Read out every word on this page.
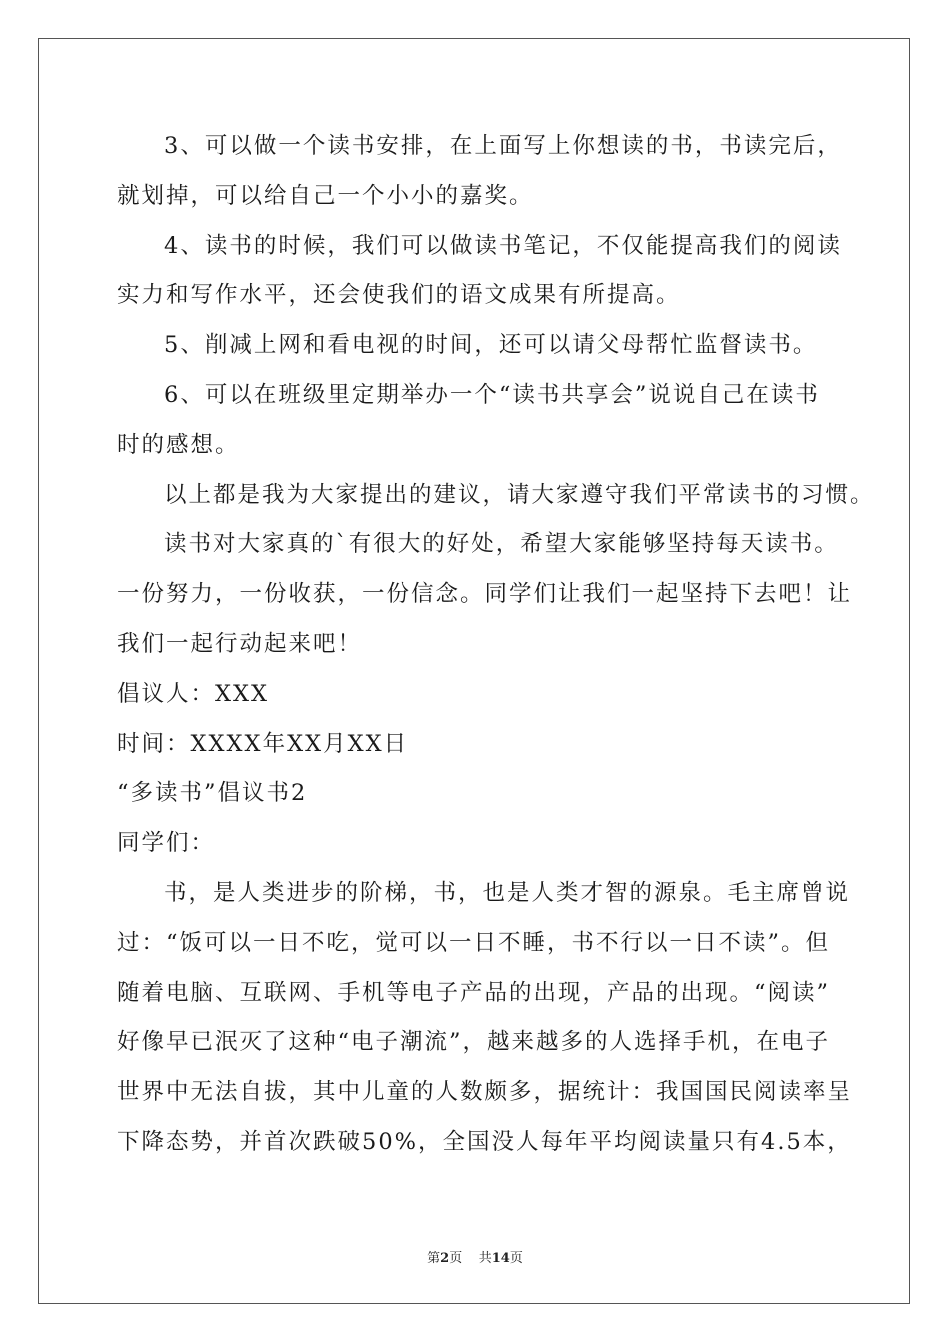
3、可以做一个读书安排，在上面写上你想读的书，书读完后，
就划掉，可以给自己一个小小的嘉奖。
4、读书的时候，我们可以做读书笔记，不仅能提高我们的阅读
实力和写作水平，还会使我们的语文成果有所提高。
5、削减上网和看电视的时间，还可以请父母帮忙监督读书。
6、可以在班级里定期举办一个“读书共享会”说说自己在读书
时的感想。
以上都是我为大家提出的建议，请大家遵守我们平常读书的习惯。
读书对大家真的`有很大的好处，希望大家能够坚持每天读书。
一份努力，一份收获，一份信念。同学们让我们一起坚持下去吧！让
我们一起行动起来吧！
倡议人：XXX
时间：XXXX年XX月XX日
“多读书”倡议书2
同学们：
书，是人类进步的阶梯，书，也是人类才智的源泉。毛主席曾说
过：“饭可以一日不吃，觉可以一日不睡，书不行以一日不读”。但
随着电脑、互联网、手机等电子产品的出现，产品的出现。“阅读”
好像早已泯灭了这种“电子潮流”，越来越多的人选择手机，在电子
世界中无法自拔，其中儿童的人数颇多，据统计：我国国民阅读率呈
下降态势，并首次跌破50%，全国没人每年平均阅读量只有4.5本，
第2页 共14页
